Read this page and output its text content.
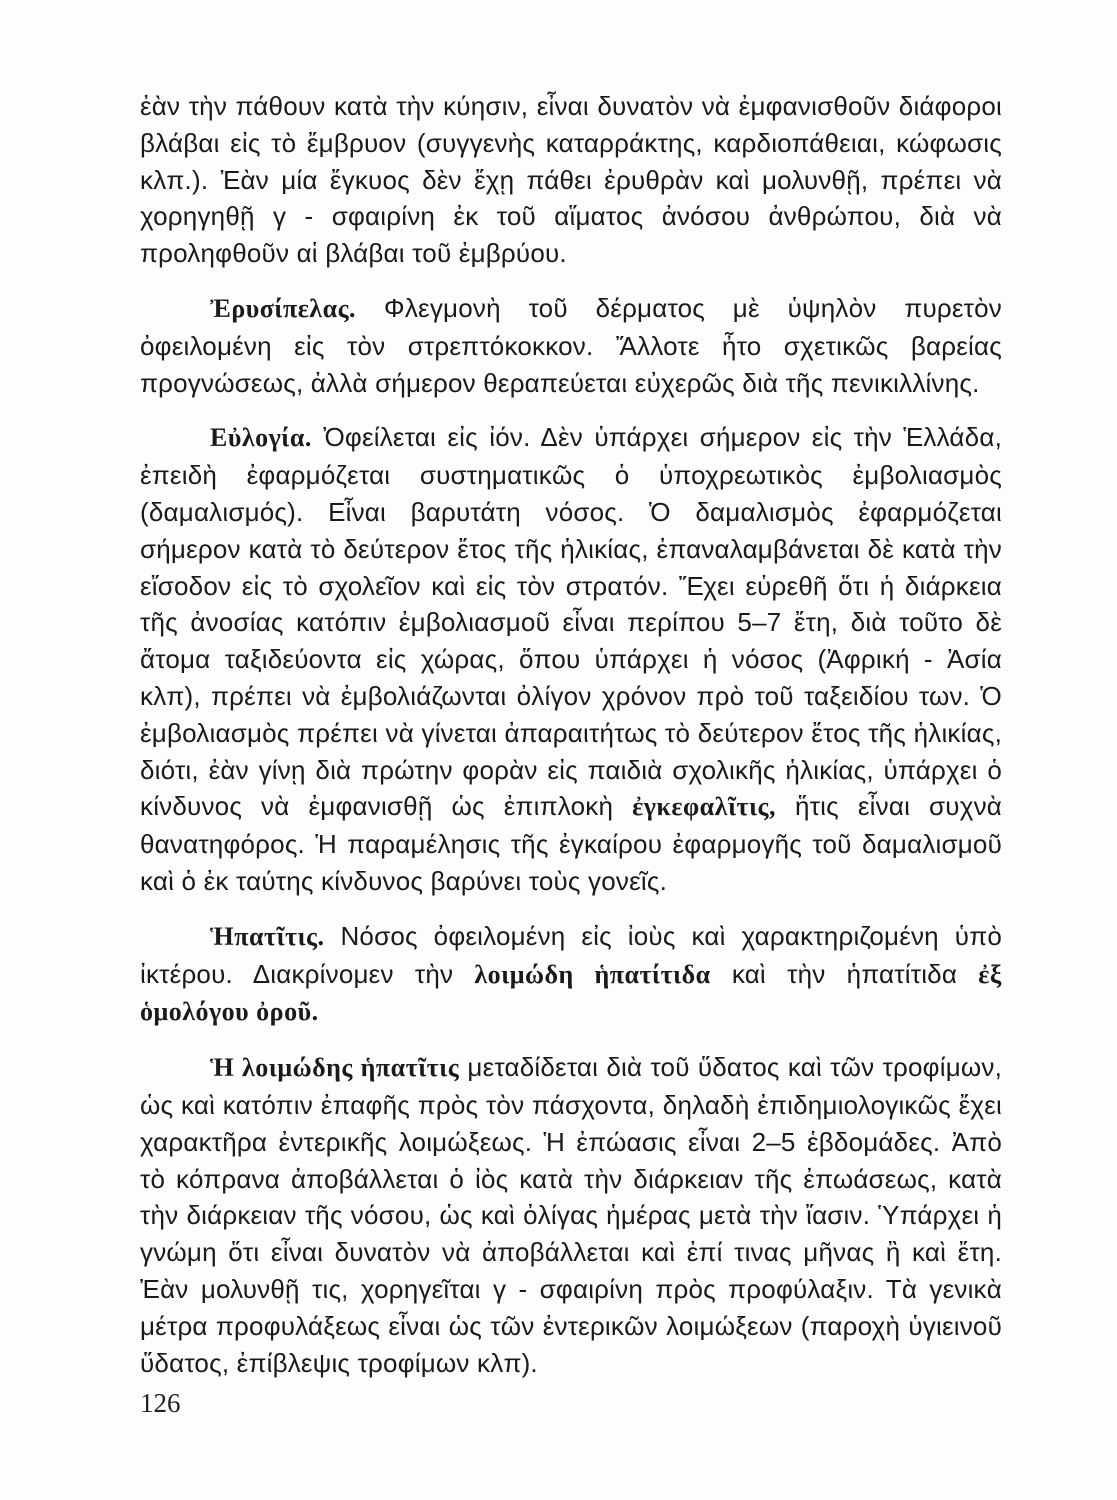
ἐὰν τὴν πάθουν κατὰ τὴν κύησιν, εἶναι δυνατὸν νὰ ἐμφανισθοῦν διάφοροι βλάβαι εἰς τὸ ἔμβρυον (συγγενὴς καταρράκτης, καρδιοπάθειαι, κώφωσις κλπ.). Ἐὰν μία ἔγκυος δὲν ἔχῃ πάθει ἐρυθρὰν καὶ μολυνθῇ, πρέπει νὰ χορηγηθῇ γ - σφαιρίνη ἐκ τοῦ αἵματος ἀνόσου ἀνθρώπου, διὰ νὰ προληφθοῦν αἱ βλάβαι τοῦ ἐμβρύου.

Ἐρυσίπελας. Φλεγμονὴ τοῦ δέρματος μὲ ὑψηλὸν πυρετὸν ὀφειλομένη εἰς τὸν στρεπτόκοκκον. Ἄλλοτε ἦτο σχετικῶς βαρείας προγνώσεως, ἀλλὰ σήμερον θεραπεύεται εὐχερῶς διὰ τῆς πενικιλλίνης.

Εὐλογία. Ὀφείλεται εἰς ἰόν. Δὲν ὑπάρχει σήμερον εἰς τὴν Ἑλλάδα, ἐπειδὴ ἐφαρμόζεται συστηματικῶς ὁ ὑποχρεωτικὸς ἐμβολιασμὸς (δαμαλισμός). Εἶναι βαρυτάτη νόσος. Ὁ δαμαλισμὸς ἐφαρμόζεται σήμερον κατὰ τὸ δεύτερον ἔτος τῆς ἡλικίας, ἐπαναλαμβάνεται δὲ κατὰ τὴν εἴσοδον εἰς τὸ σχολεῖον καὶ εἰς τὸν στρατόν. Ἔχει εὑρεθῆ ὅτι ἡ διάρκεια τῆς ἀνοσίας κατόπιν ἐμβολιασμοῦ εἶναι περίπου 5–7 ἔτη, διὰ τοῦτο δὲ ἄτομα ταξιδεύοντα εἰς χώρας, ὅπου ὑπάρχει ἡ νόσος (Ἀφρική - Ἀσία κλπ), πρέπει νὰ ἐμβολιάζωνται ὀλίγον χρόνον πρὸ τοῦ ταξειδίου των. Ὁ ἐμβολιασμὸς πρέπει νὰ γίνεται ἀπαραιτήτως τὸ δεύτερον ἔτος τῆς ἡλικίας, διότι, ἐὰν γίνῃ διὰ πρώτην φορὰν εἰς παιδιὰ σχολικῆς ἡλικίας, ὑπάρχει ὁ κίνδυνος νὰ ἐμφανισθῇ ὡς ἐπιπλοκὴ ἐγκεφαλῖτις, ἥτις εἶναι συχνὰ θανατηφόρος. Ἡ παραμέλησις τῆς ἐγκαίρου ἐφαρμογῆς τοῦ δαμαλισμοῦ καὶ ὁ ἐκ ταύτης κίνδυνος βαρύνει τοὺς γονεῖς.

Ἡπατῖτις. Νόσος ὀφειλομένη εἰς ἰοὺς καὶ χαρακτηριζομένη ὑπὸ ἰκτέρου. Διακρίνομεν τὴν λοιμώδη ἡπατίτιδα καὶ τὴν ἡπατίτιδα ἐξ ὁμολόγου ὀροῦ.

Ἡ λοιμώδης ἡπατῖτις μεταδίδεται διὰ τοῦ ὕδατος καὶ τῶν τροφίμων, ὡς καὶ κατόπιν ἐπαφῆς πρὸς τὸν πάσχοντα, δηλαδὴ ἐπιδημιολογικῶς ἔχει χαρακτῆρα ἐντερικῆς λοιμώξεως. Ἡ ἐπώασις εἶναι 2–5 ἑβδομάδες. Ἀπὸ τὸ κόπρανα ἀποβάλλεται ὁ ἰὸς κατὰ τὴν διάρκειαν τῆς ἐπωάσεως, κατὰ τὴν διάρκειαν τῆς νόσου, ὡς καὶ ὀλίγας ἡμέρας μετὰ τὴν ἴασιν. Ὑπάρχει ἡ γνώμη ὅτι εἶναι δυνατὸν νὰ ἀποβάλλεται καὶ ἐπί τινας μῆνας ἢ καὶ ἔτη. Ἐὰν μολυνθῇ τις, χορηγεῖται γ - σφαιρίνη πρὸς προφύλαξιν. Τὰ γενικὰ μέτρα προφυλάξεως εἶναι ὡς τῶν ἐντερικῶν λοιμώξεων (παροχὴ ὑγιεινοῦ ὕδατος, ἐπίβλεψις τροφίμων κλπ).

126
